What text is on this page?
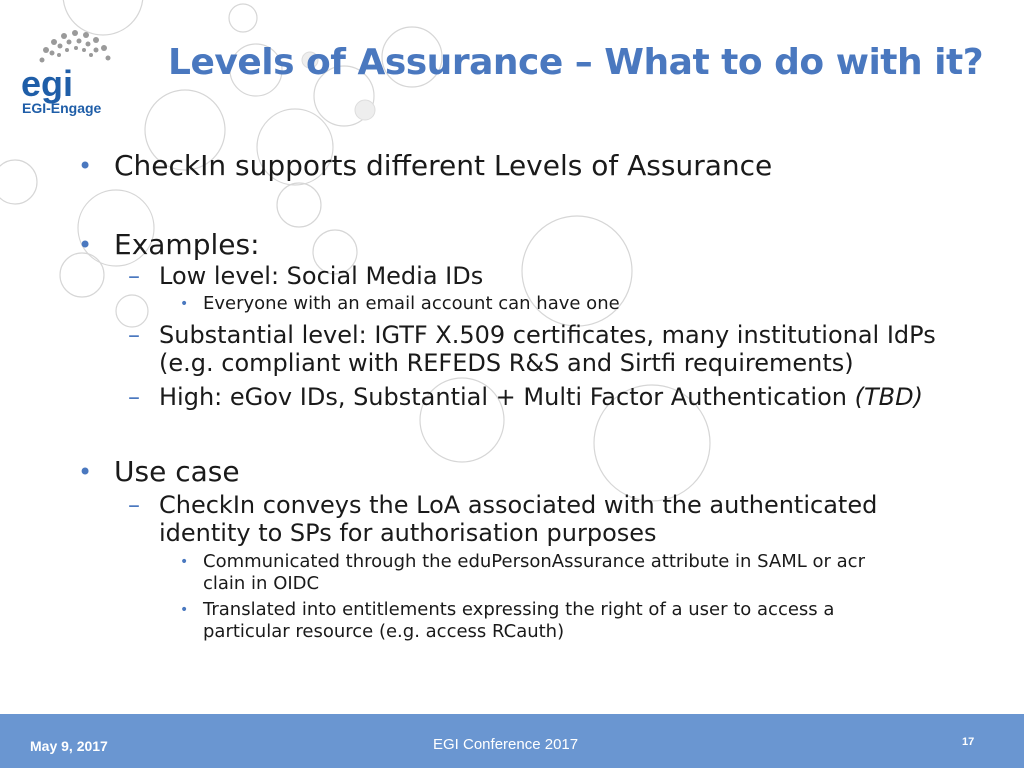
egi
EGI-Engage
Levels of Assurance – What to do with it?
• CheckIn supports different Levels of Assurance
• Examples:
– Low level: Social Media IDs
• Everyone with an email account can have one
– Substantial level: IGTF X.509 certificates, many institutional IdPs
(e.g. compliant with REFEDS R&S and Sirtfi requirements)
– High: eGov IDs, Substantial + Multi Factor Authentication (TBD)
• Use case
– CheckIn conveys the LoA associated with the authenticated
identity to SPs for authorisation purposes
• Communicated through the eduPersonAssurance attribute in SAML or acr
clain in OIDC
• Translated into entitlements expressing the right of a user to access a
particular resource (e.g. access RCauth)
May 9, 2017	EGI Conference 2017	17
